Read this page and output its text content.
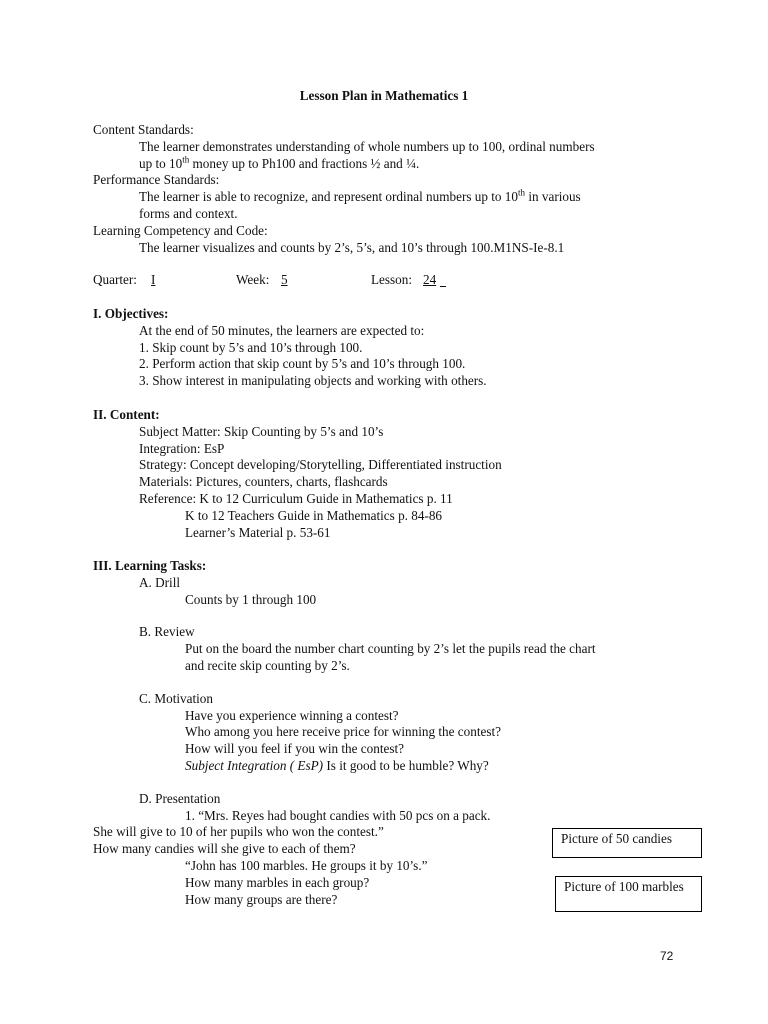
Lesson Plan in Mathematics 1
Content Standards:
The learner demonstrates understanding of whole numbers up to 100, ordinal numbers
up to 10th money up to Ph100 and fractions ½ and ¼.
Performance Standards:
The learner is able to recognize, and represent ordinal numbers up to 10th in various
forms and context.
Learning Competency and Code:
The learner visualizes and counts by 2’s, 5’s, and 10’s through 100.M1NS-Ie-8.1
Quarter: I	Week: 5	Lesson: 24
I. Objectives:
At the end of 50 minutes, the learners are expected to:
1. Skip count by 5’s and 10’s through 100.
2. Perform action that skip count by 5’s and 10’s through 100.
3. Show interest in manipulating objects and working with others.
II. Content:
Subject Matter: Skip Counting by 5’s and 10’s
Integration: EsP
Strategy: Concept developing/Storytelling, Differentiated instruction
Materials: Pictures, counters, charts, flashcards
Reference: K to 12 Curriculum Guide in Mathematics p. 11
K to 12 Teachers Guide in Mathematics p. 84-86
Learner’s Material p. 53-61
III. Learning Tasks:
A. Drill
Counts by 1 through 100
B. Review
Put on the board the number chart counting by 2’s let the pupils read the chart
and recite skip counting by 2’s.
C. Motivation
Have you experience winning a contest?
Who among you here receive price for winning the contest?
How will you feel if you win the contest?
Subject Integration ( EsP) Is it good to be humble? Why?
D. Presentation
1. “Mrs. Reyes had bought candies with 50 pcs on a pack.
She will give to 10 of her pupils who won the contest.”
How many candies will she give to each of them?
“John has 100 marbles. He groups it by 10’s.”
How many marbles in each group?
How many groups are there?
Picture of 50 candies
Picture of 100 marbles
72
